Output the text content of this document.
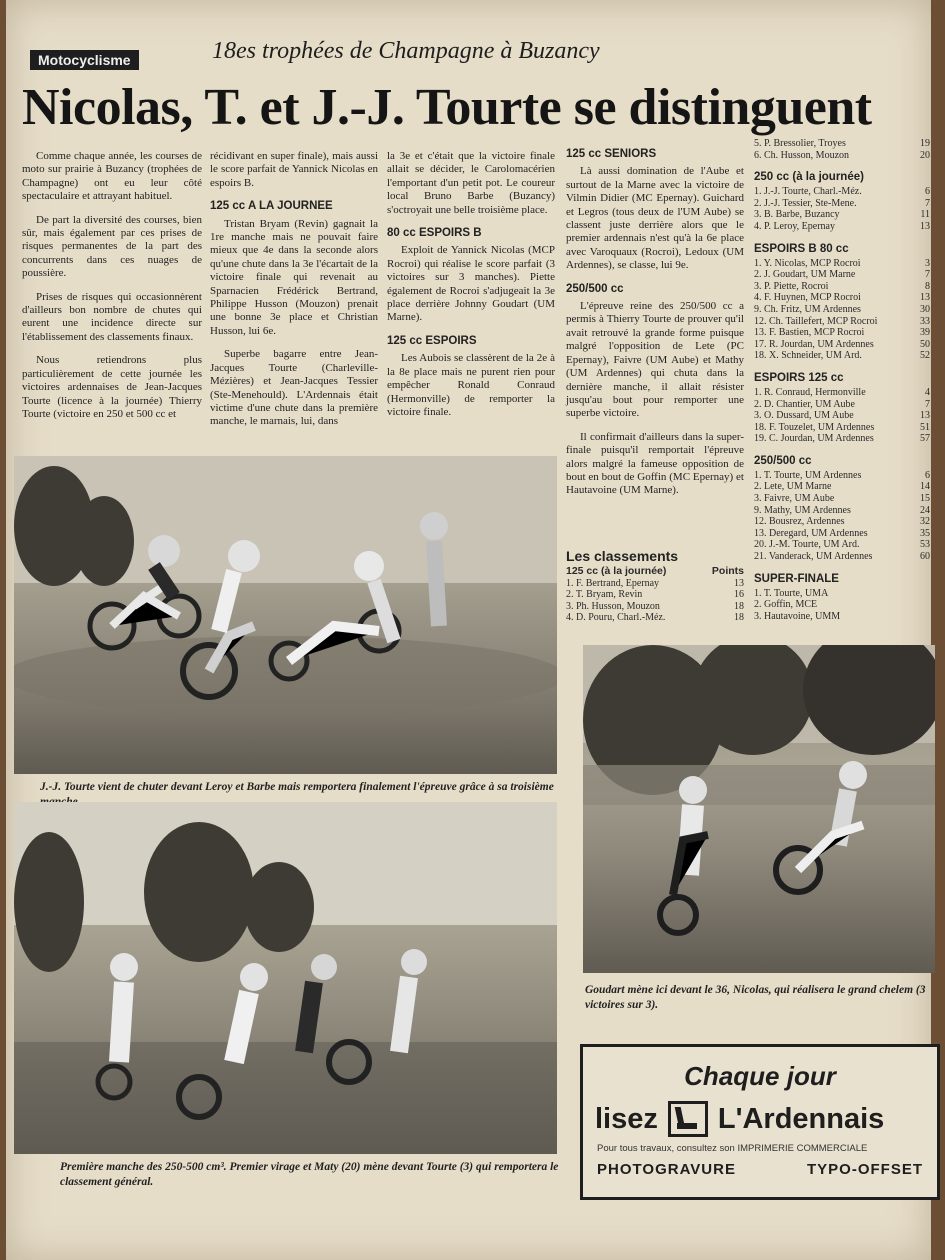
Motocyclisme	18es trophées de Champagne à Buzancy
Nicolas, T. et J.-J. Tourte se distinguent

Comme chaque année, les courses de moto sur prairie à Buzancy (trophées de Champagne) ont eu leur côté spectaculaire et attrayant habituel.

De part la diversité des courses, bien sûr, mais également par ces prises de risques permanentes de la part des concurrents dans ces nuages de poussière.

Prises de risques qui occasionnèrent d'ailleurs bon nombre de chutes qui eurent une incidence directe sur l'établissement des classements finaux.

Nous retiendrons plus particulièrement de cette journée les victoires ardennaises de Jean-Jacques Tourte (licence à la journée) Thierry Tourte (victoire en 250 et 500 cc et

récidivant en super finale), mais aussi le score parfait de Yannick Nicolas en espoirs B.

125 cc A LA JOURNEE

Tristan Bryam (Revin) gagnait la 1re manche mais ne pouvait faire mieux que 4e dans la seconde alors qu'une chute dans la 3e l'écartait de la victoire finale qui revenait au Sparnacien Frédérick Bertrand, Philippe Husson (Mouzon) prenait une bonne 3e place et Christian Husson, lui 6e.

Superbe bagarre entre Jean-Jacques Tourte (Charleville-Mézières) et Jean-Jacques Tessier (Ste-Menehould). L'Ardennais était victime d'une chute dans la première manche, le marnais, lui, dans

la 3e et c'était que la victoire finale allait se décider, le Carolomacérien l'emportant d'un petit pot. Le coureur local Bruno Barbe (Buzancy) s'octroyait une belle troisième place.

80 cc ESPOIRS B

Exploit de Yannick Nicolas (MCP Rocroi) qui réalise le score parfait (3 victoires sur 3 manches). Piette également de Rocroi s'adjugeait la 3e place derrière Johnny Goudart (UM Marne).

125 cc ESPOIRS

Les Aubois se classèrent de la 2e à la 8e place mais ne purent rien pour empêcher Ronald Conraud (Hermonville) de remporter la victoire finale.

125 cc SENIORS

Là aussi domination de l'Aube et surtout de la Marne avec la victoire de Vilmin Didier (MC Epernay). Guichard et Legros (tous deux de l'UM Aube) se classent juste derrière alors que le premier ardennais n'est qu'à la 6e place avec Varoquaux (Rocroi), Ledoux (UM Ardennes), se classe, lui 9e.

250/500 cc

L'épreuve reine des 250/500 cc a permis à Thierry Tourte de prouver qu'il avait retrouvé la grande forme puisque malgré l'opposition de Lete (PC Epernay), Faivre (UM Aube) et Mathy (UM Ardennes) qui chuta dans la dernière manche, il allait résister jusqu'au bout pour remporter une superbe victoire.

Il confirmait d'ailleurs dans la super-finale puisqu'il remportait l'épreuve alors malgré la fameuse opposition de bout en bout de Goffin (MC Epernay) et Hautavoine (UM Marne).

Les classements
125 cc (à la journée)	Points
1. F. Bertrand, Epernay	13
2. T. Bryam, Revin	16
3. Ph. Husson, Mouzon	18
4. D. Pouru, Charl.-Méz.	18
5. P. Bressolier, Troyes	19
6. Ch. Husson, Mouzon	20
250 cc (à la journée)
1. J.-J. Tourte, Charl.-Méz.	6
2. J.-J. Tessier, Ste-Mene.	7
3. B. Barbe, Buzancy	11
4. P. Leroy, Epernay	13
ESPOIRS B 80 cc
1. Y. Nicolas, MCP Rocroi	3
2. J. Goudart, UM Marne	7
3. P. Piette, Rocroi	8
4. F. Huynen, MCP Rocroi	13
9. Ch. Fritz, UM Ardennes	30
12. Ch. Taillefert, MCP Rocroi	33
13. F. Bastien, MCP Rocroi	39
17. R. Jourdan, UM Ardennes	50
18. X. Schneider, UM Ard.	52
ESPOIRS 125 cc
1. R. Conraud, Hermonville	4
2. D. Chantier, UM Aube	7
3. O. Dussard, UM Aube	13
18. F. Touzelet, UM Ardennes	51
19. C. Jourdan, UM Ardennes	57
250/500 cc
1. T. Tourte, UM Ardennes	6
2. Lete, UM Marne	14
3. Faivre, UM Aube	15
9. Mathy, UM Ardennes	24
12. Bousrez, Ardennes	32
13. Deregard, UM Ardennes	35
20. J.-M. Tourte, UM Ard.	53
21. Vanderack, UM Ardennes	60
SUPER-FINALE
1. T. Tourte, UMA
2. Goffin, MCE
3. Hautavoine, UMM
J.-J. Tourte vient de chuter devant Leroy et Barbe mais remportera finalement l'épreuve grâce à sa troisième
Goudart mène ici devant le 36, Nicolas, qui réalisera le grand chelem (3 victoires sur 3).
Première manche des 250-500 cm³. Premier virage et Maty (20) mène devant Tourte (3) qui remportera le classement général.
Chaque jour
lisez L'Ardennais
Pour tous travaux, consultez son IMPRIMERIE COMMERCIALE
PHOTOGRAVURE	TYPO-OFFSET
